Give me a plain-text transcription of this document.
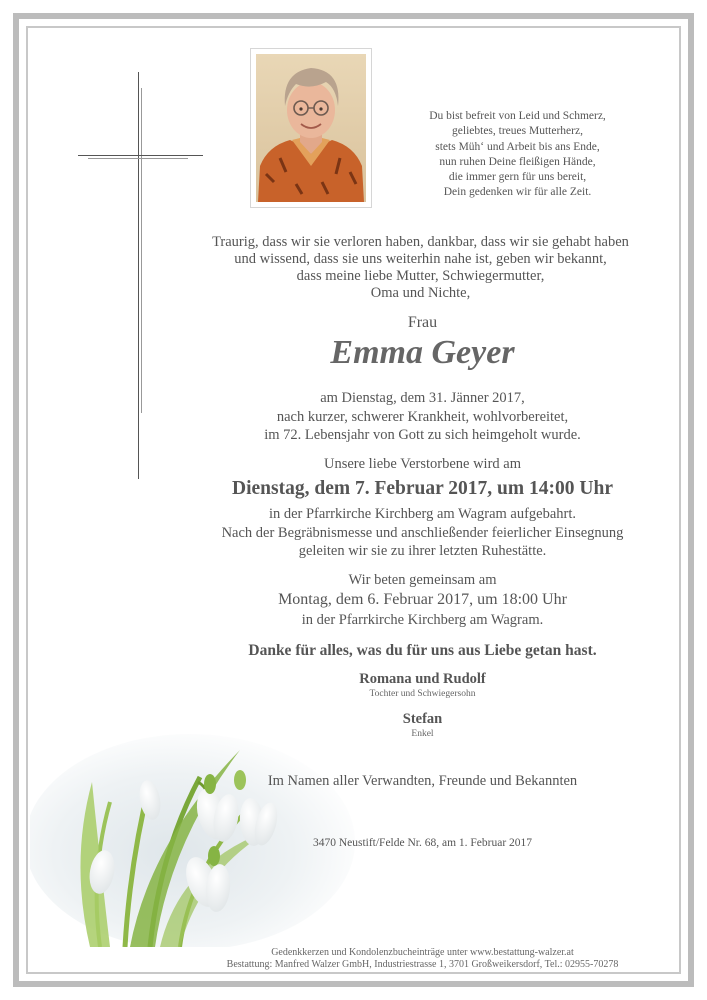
Du bist befreit von Leid und Schmerz,
geliebtes, treues Mutterherz,
stets Müh‘ und Arbeit bis ans Ende,
nun ruhen Deine fleißigen Hände,
die immer gern für uns bereit,
Dein gedenken wir für alle Zeit.
Traurig, dass wir sie verloren haben, dankbar, dass wir sie gehabt haben
und wissend, dass sie uns weiterhin nahe ist, geben wir bekannt,
dass meine liebe Mutter, Schwiegermutter,
Oma und Nichte,
Frau
Emma Geyer
am Dienstag, dem 31. Jänner 2017,
nach kurzer, schwerer Krankheit, wohlvorbereitet,
im 72. Lebensjahr von Gott zu sich heimgeholt wurde.
Unsere liebe Verstorbene wird am
Dienstag, dem 7. Februar 2017, um 14:00 Uhr
in der Pfarrkirche Kirchberg am Wagram aufgebahrt.
Nach der Begräbnismesse und anschließender feierlicher Einsegnung
geleiten wir sie zu ihrer letzten Ruhestätte.
Wir beten gemeinsam am
Montag, dem 6. Februar 2017, um 18:00 Uhr
in der Pfarrkirche Kirchberg am Wagram.
Danke für alles, was du für uns aus Liebe getan hast.
Romana und Rudolf
Tochter und Schwiegersohn
Stefan
Enkel
Im Namen aller Verwandten, Freunde und Bekannten
3470 Neustift/Felde Nr. 68, am 1. Februar 2017
Gedenkkerzen und Kondolenzbucheinträge unter www.bestattung-walzer.at
Bestattung: Manfred Walzer GmbH, Industriestrasse 1, 3701 Großweikersdorf, Tel.: 02955-70278
